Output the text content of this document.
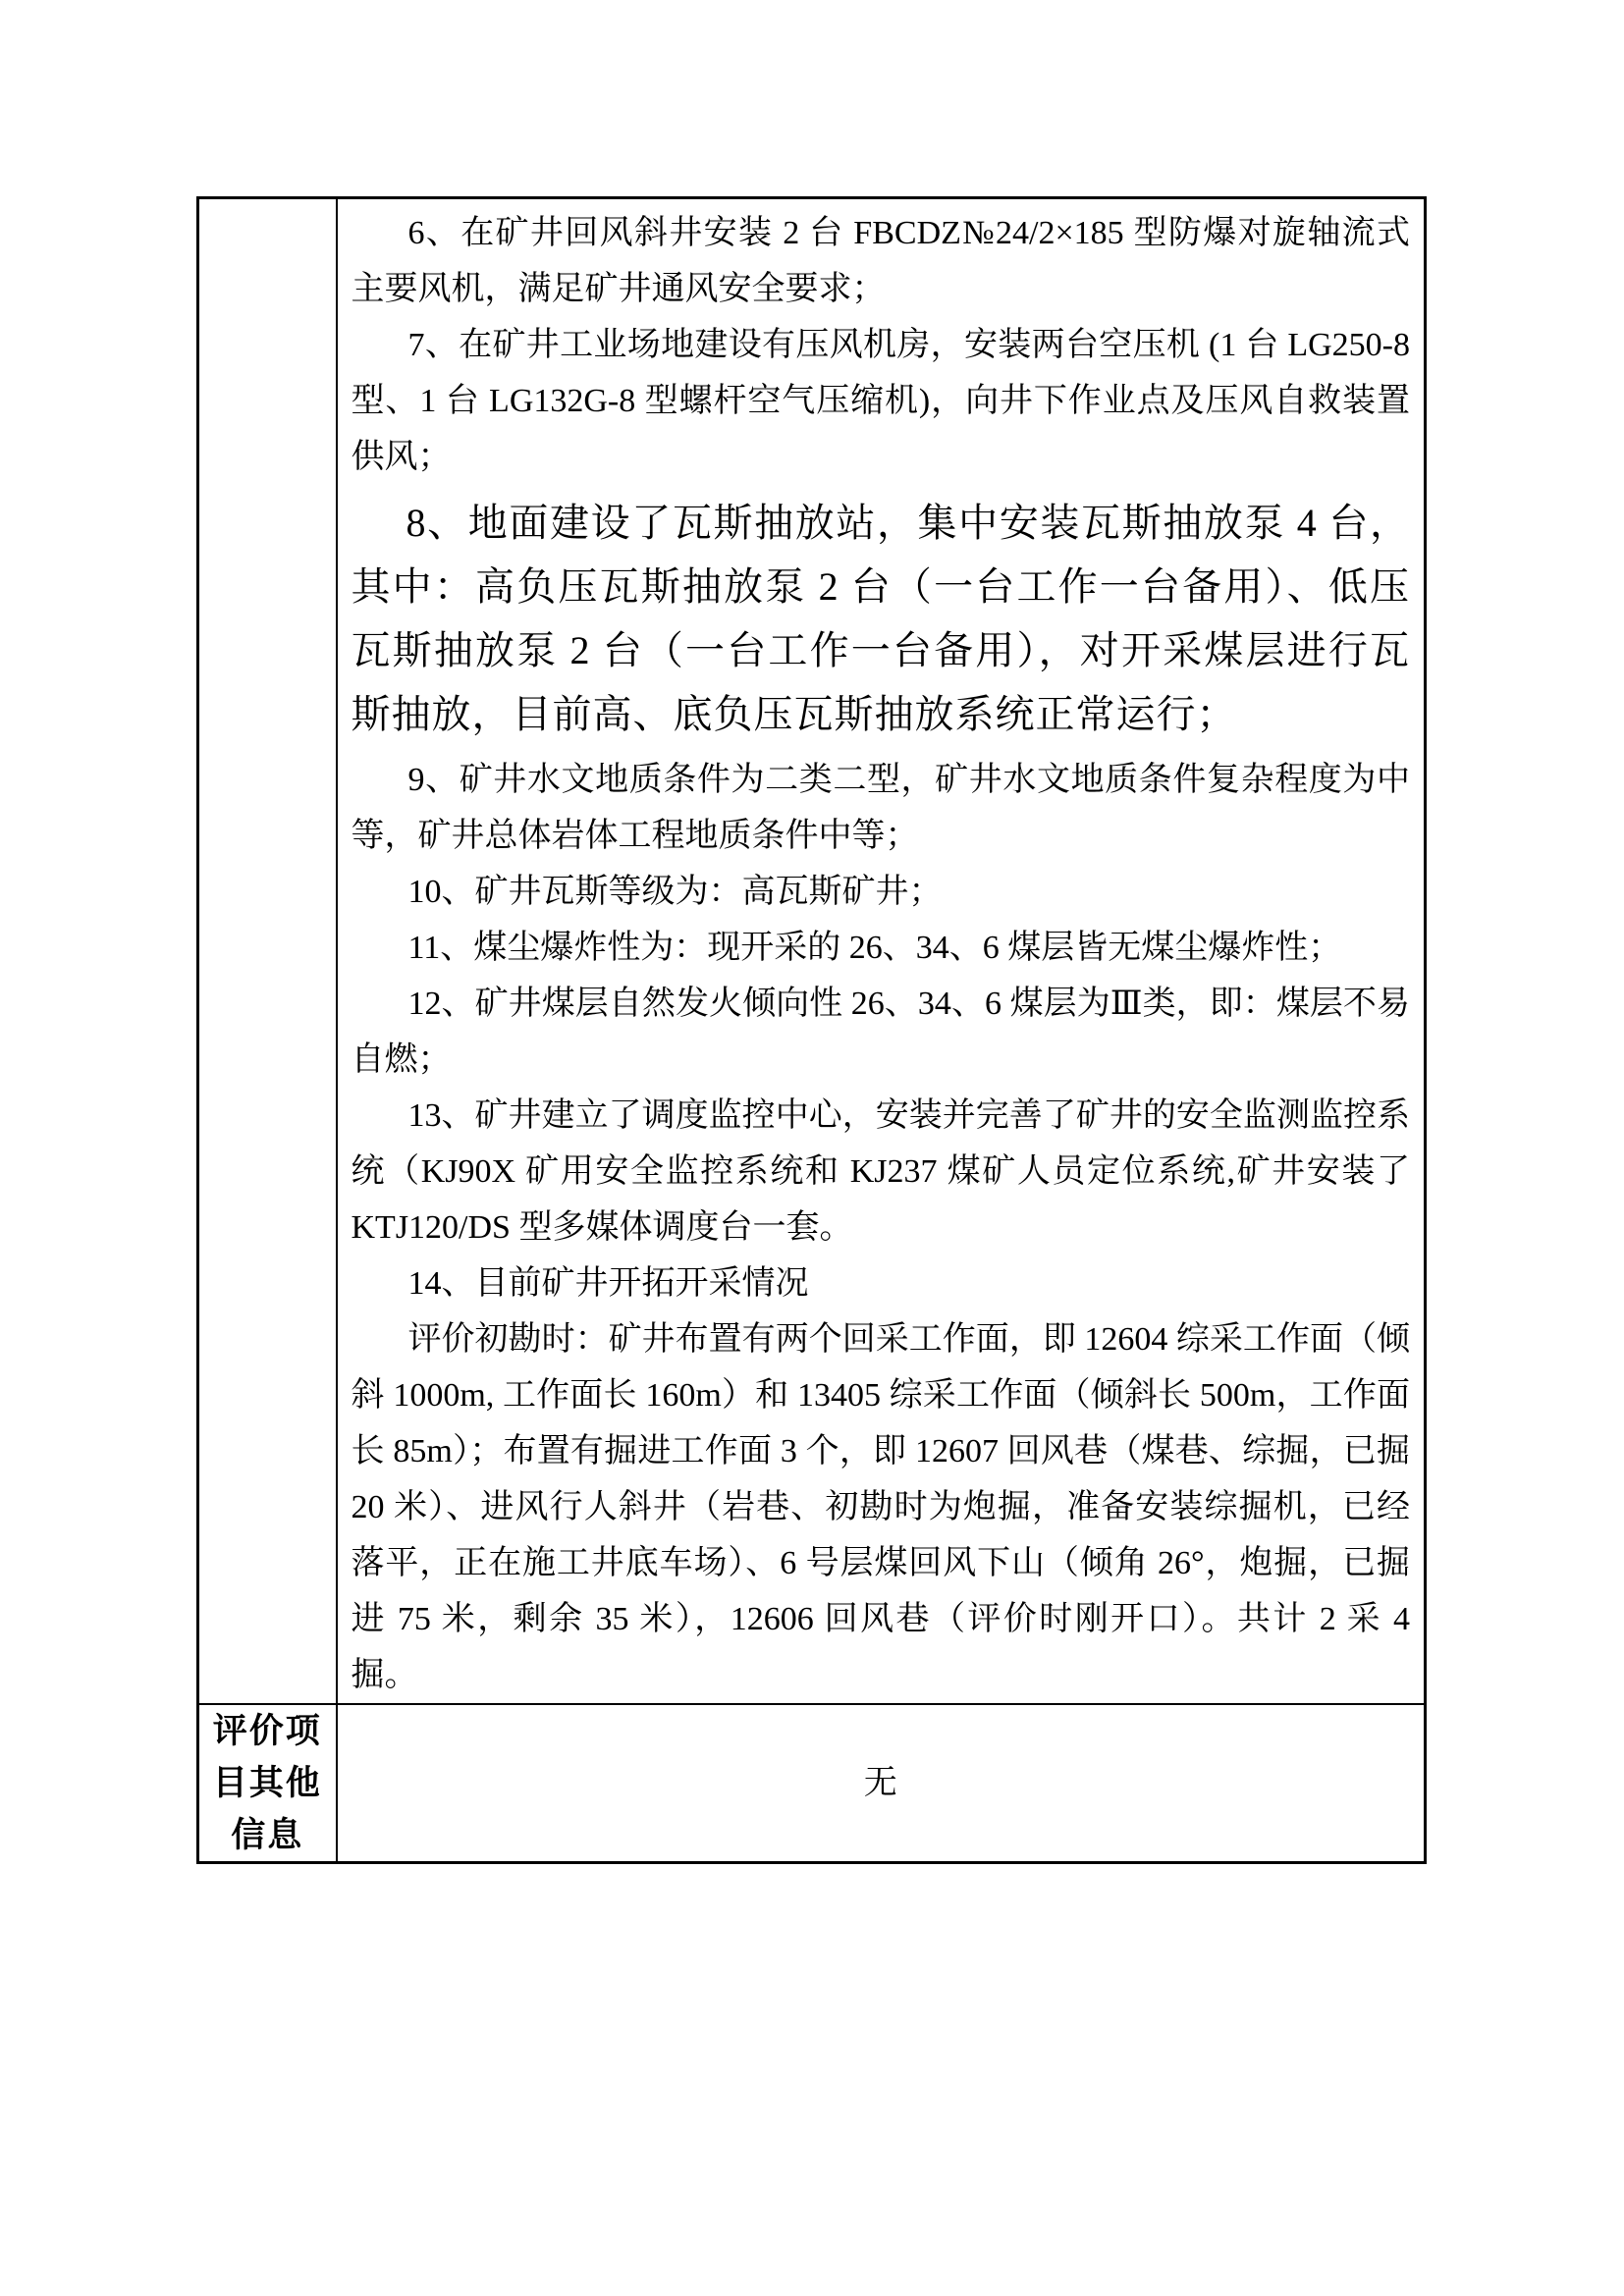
6、在矿井回风斜井安装 2 台 FBCDZ№24/2×185 型防爆对旋轴流式主要风机，满足矿井通风安全要求；

7、在矿井工业场地建设有压风机房，安装两台空压机 (1 台 LG250-8 型、1 台 LG132G-8 型螺杆空气压缩机)，向井下作业点及压风自救装置供风；

8、地面建设了瓦斯抽放站，集中安装瓦斯抽放泵 4 台，其中：高负压瓦斯抽放泵 2 台（一台工作一台备用）、低压瓦斯抽放泵 2 台（一台工作一台备用），对开采煤层进行瓦斯抽放，目前高、底负压瓦斯抽放系统正常运行；

9、矿井水文地质条件为二类二型，矿井水文地质条件复杂程度为中等，矿井总体岩体工程地质条件中等；

10、矿井瓦斯等级为：高瓦斯矿井；

11、煤尘爆炸性为：现开采的 26、34、6 煤层皆无煤尘爆炸性；

12、矿井煤层自然发火倾向性 26、34、6 煤层为Ⅲ类，即：煤层不易自燃；

13、矿井建立了调度监控中心，安装并完善了矿井的安全监测监控系统（KJ90X 矿用安全监控系统和 KJ237 煤矿人员定位系统,矿井安装了 KTJ120/DS 型多媒体调度台一套。

14、目前矿井开拓开采情况

评价初勘时：矿井布置有两个回采工作面，即 12604 综采工作面（倾斜 1000m, 工作面长 160m）和 13405 综采工作面（倾斜长 500m，工作面长 85m）；布置有掘进工作面 3 个，即 12607 回风巷（煤巷、综掘，已掘 20 米）、进风行人斜井（岩巷、初勘时为炮掘，准备安装综掘机，已经落平，正在施工井底车场）、6 号层煤回风下山（倾角 26°，炮掘，已掘进 75 米，剩余 35 米），12606 回风巷（评价时刚开口）。共计 2 采 4 掘。

评价项目其他信息	无
